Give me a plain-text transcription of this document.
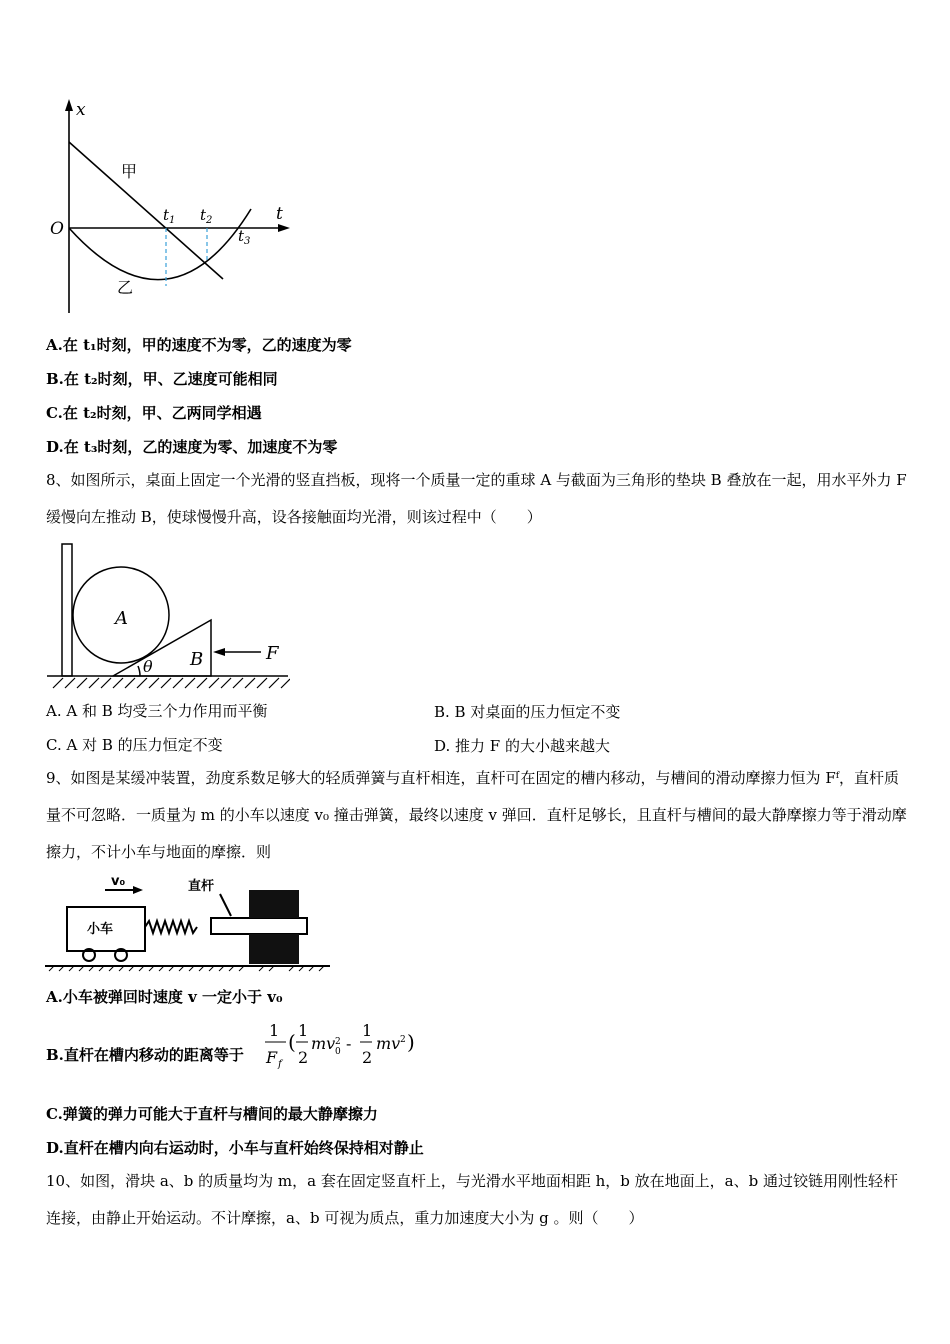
x
t
O
$t_1$ $t_2$
$t_3$
甲
乙
A.在 t₁时刻，甲的速度不为零，乙的速度为零
B.在 t₂时刻，甲、乙速度可能相同
C.在 t₂时刻，甲、乙两同学相遇
D.在 t₃时刻，乙的速度为零、加速度不为零
8、如图所示，桌面上固定一个光滑的竖直挡板，现将一个质量一定的重球 A 与截面为三角形的垫块 B 叠放在一起，用水平外力 F 缓慢向左推动 B，使球慢慢升高，设各接触面均光滑，则该过程中（　　）
A
B	F
θ
A. A 和 B 均受三个力作用而平衡	B. B 对桌面的压力恒定不变
C. A 对 B 的压力恒定不变	D. 推力 F 的大小越来越大
9、如图是某缓冲装置，劲度系数足够大的轻质弹簧与直杆相连，直杆可在固定的槽内移动，与槽间的滑动摩擦力恒为 Fᶠ，直杆质量不可忽略．一质量为 m 的小车以速度 v₀ 撞击弹簧，最终以速度 v 弹回．直杆足够长，且直杆与槽间的最大静摩擦力等于滑动摩擦力，不计小车与地面的摩擦．则
v₀	直杆
小车
A.小车被弹回时速度 v 一定小于 v₀
B.直杆在槽内移动的距离等于
1
F f
( 1
2
mv 2
0 -
1
2
mv 2 )
C.弹簧的弹力可能大于直杆与槽间的最大静摩擦力
D.直杆在槽内向右运动时，小车与直杆始终保持相对静止
10、如图，滑块 a、b 的质量均为 m，a 套在固定竖直杆上，与光滑水平地面相距 h，b 放在地面上，a、b 通过铰链用刚性轻杆连接，由静止开始运动。不计摩擦，a、b 可视为质点，重力加速度大小为 g 。则（　　）
